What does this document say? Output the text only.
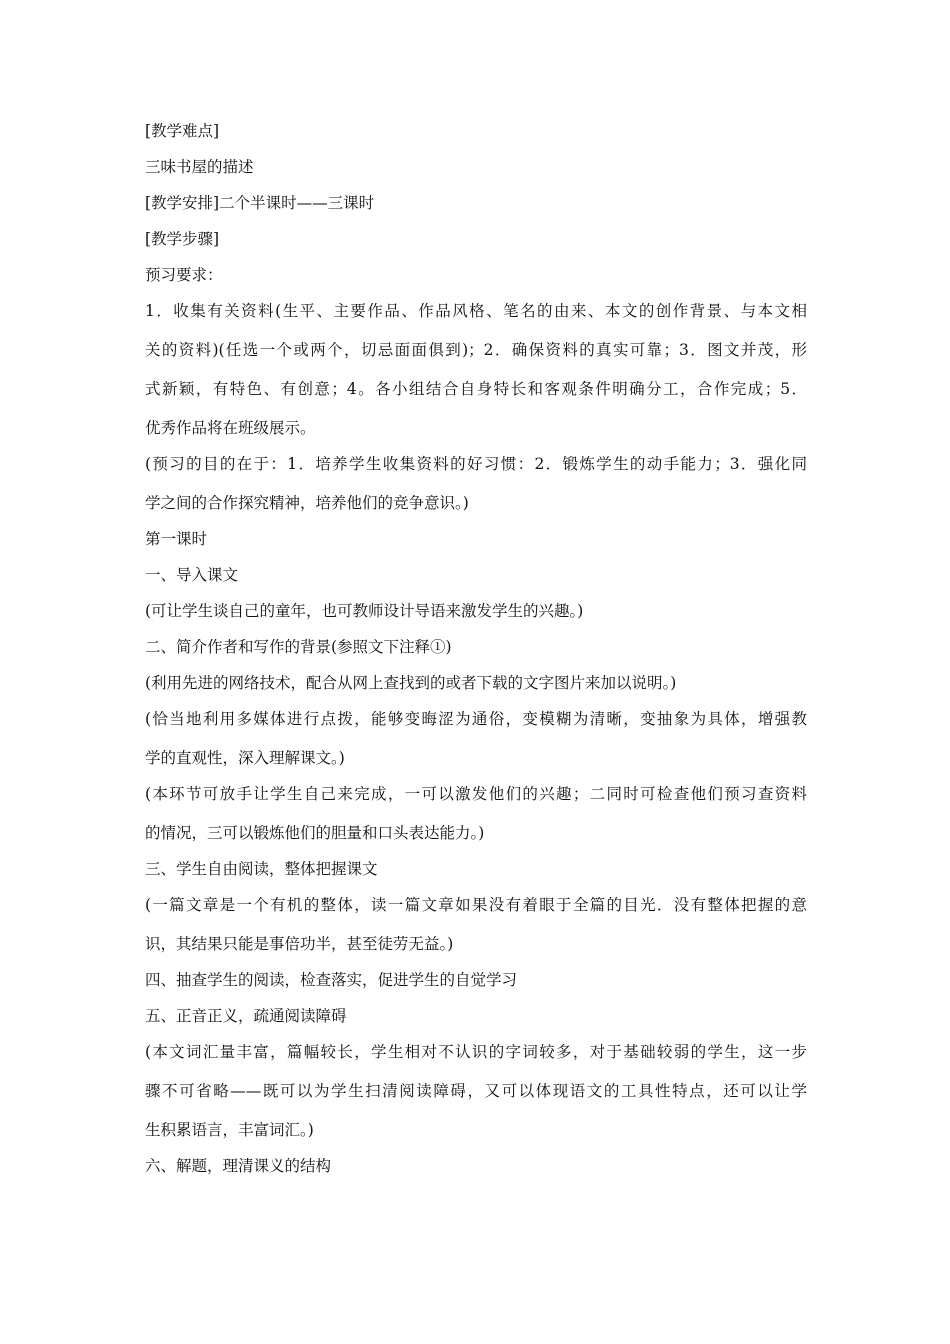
[教学难点]
三味书屋的描述
[教学安排]二个半课时——三课时
[教学步骤]
预习要求：
1．收集有关资料(生平、主要作品、作品风格、笔名的由来、本文的创作背景、与本文相
关的资料)(任选一个或两个，切忌面面俱到)；2．确保资料的真实可靠；3．图文并茂，形
式新颖，有特色、有创意；4。各小组结合自身特长和客观条件明确分工，合作完成；5．
优秀作品将在班级展示。
(预习的目的在于：1．培养学生收集资料的好习惯：2．锻炼学生的动手能力；3．强化同
学之间的合作探究精神，培养他们的竞争意识。)
第一课时
一、导入课文
(可让学生谈自己的童年，也可教师设计导语来激发学生的兴趣。)
二、简介作者和写作的背景(参照文下注释①)
(利用先进的网络技术，配合从网上查找到的或者下载的文字图片来加以说明。)
(恰当地利用多媒体进行点拨，能够变晦涩为通俗，变模糊为清晰，变抽象为具体，增强教
学的直观性，深入理解课文。)
(本环节可放手让学生自己来完成，一可以激发他们的兴趣；二同时可检查他们预习查资料
的情况，三可以锻炼他们的胆量和口头表达能力。)
三、学生自由阅读，整体把握课文
(一篇文章是一个有机的整体，读一篇文章如果没有着眼于全篇的目光．没有整体把握的意
识，其结果只能是事倍功半，甚至徒劳无益。)
四、抽查学生的阅读，检查落实，促进学生的自觉学习
五、正音正义，疏通阅读障碍
(本文词汇量丰富，篇幅较长，学生相对不认识的字词较多，对于基础较弱的学生，这一步
骤不可省略——既可以为学生扫清阅读障碍，又可以体现语文的工具性特点，还可以让学
生积累语言，丰富词汇。)
六、解题，理清课义的结构
